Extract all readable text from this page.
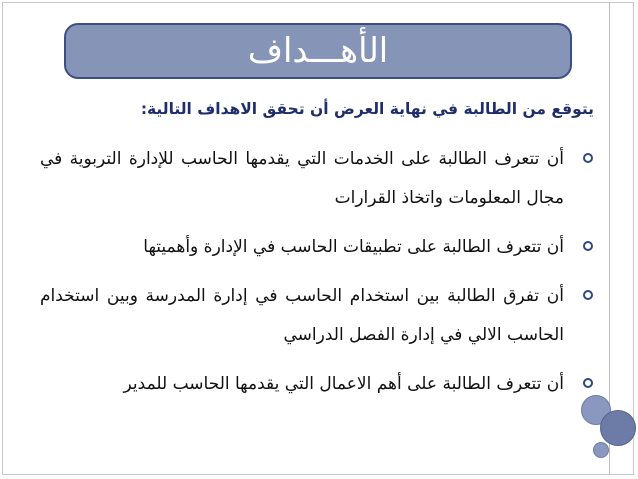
الأهـــداف
يتوقع من الطالبة في نهاية العرض أن تحقق الاهداف التالية:
أن تتعرف الطالبة على الخدمات التي يقدمها الحاسب للإدارة التربوية في مجال المعلومات واتخاذ القرارات
أن تتعرف الطالبة على تطبيقات الحاسب في الإدارة وأهميتها
أن تفرق الطالبة بين استخدام الحاسب في إدارة المدرسة وبين استخدام الحاسب الالي في إدارة الفصل الدراسي
أن تتعرف الطالبة على أهم الاعمال التي يقدمها الحاسب للمدير
